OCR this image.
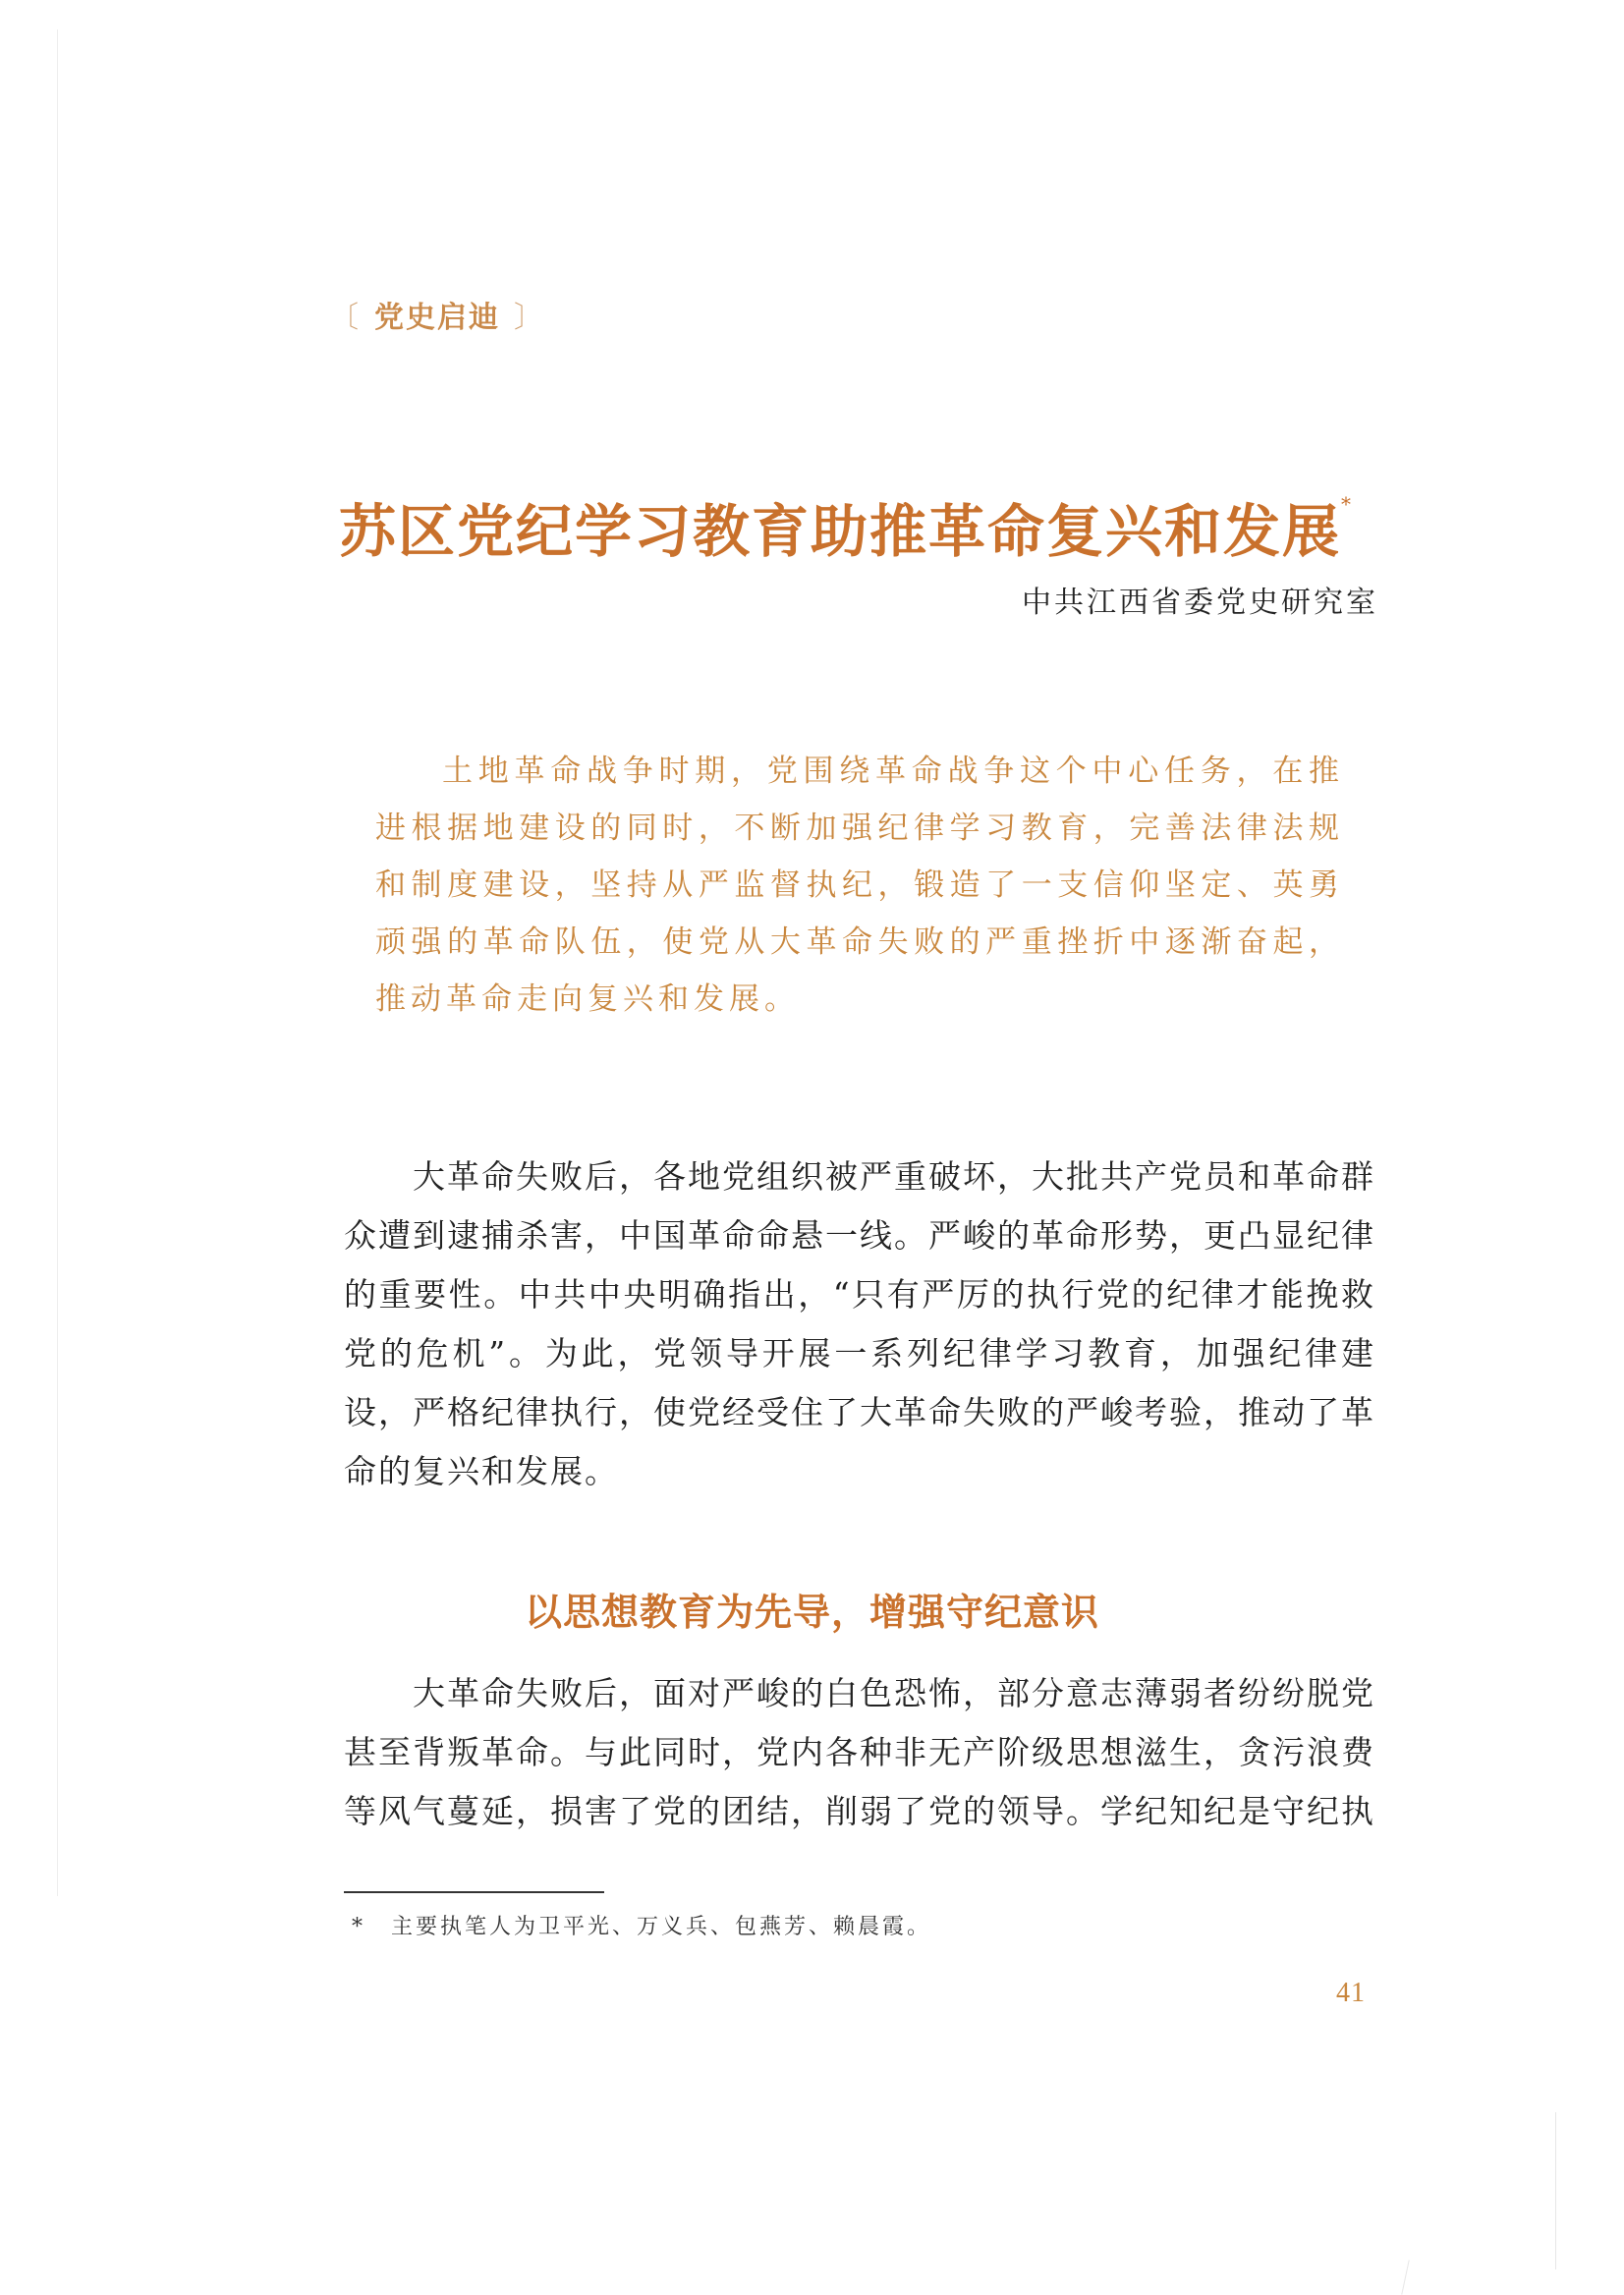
〔 党史启迪 〕
苏区党纪学习教育助推革命复兴和发展*
中共江西省委党史研究室

土地革命战争时期，党围绕革命战争这个中心任务，在推进根据地建设的同时，不断加强纪律学习教育，完善法律法规和制度建设，坚持从严监督执纪，锻造了一支信仰坚定、英勇顽强的革命队伍，使党从大革命失败的严重挫折中逐渐奋起，推动革命走向复兴和发展。

大革命失败后，各地党组织被严重破坏，大批共产党员和革命群众遭到逮捕杀害，中国革命命悬一线。严峻的革命形势，更凸显纪律的重要性。中共中央明确指出，“只有严厉的执行党的纪律才能挽救党的危机”。为此，党领导开展一系列纪律学习教育，加强纪律建设，严格纪律执行，使党经受住了大革命失败的严峻考验，推动了革命的复兴和发展。

以思想教育为先导，增强守纪意识

大革命失败后，面对严峻的白色恐怖，部分意志薄弱者纷纷脱党甚至背叛革命。与此同时，党内各种非无产阶级思想滋生，贪污浪费等风气蔓延，损害了党的团结，削弱了党的领导。学纪知纪是守纪执

* 主要执笔人为卫平光、万义兵、包燕芳、赖晨霞。
41
